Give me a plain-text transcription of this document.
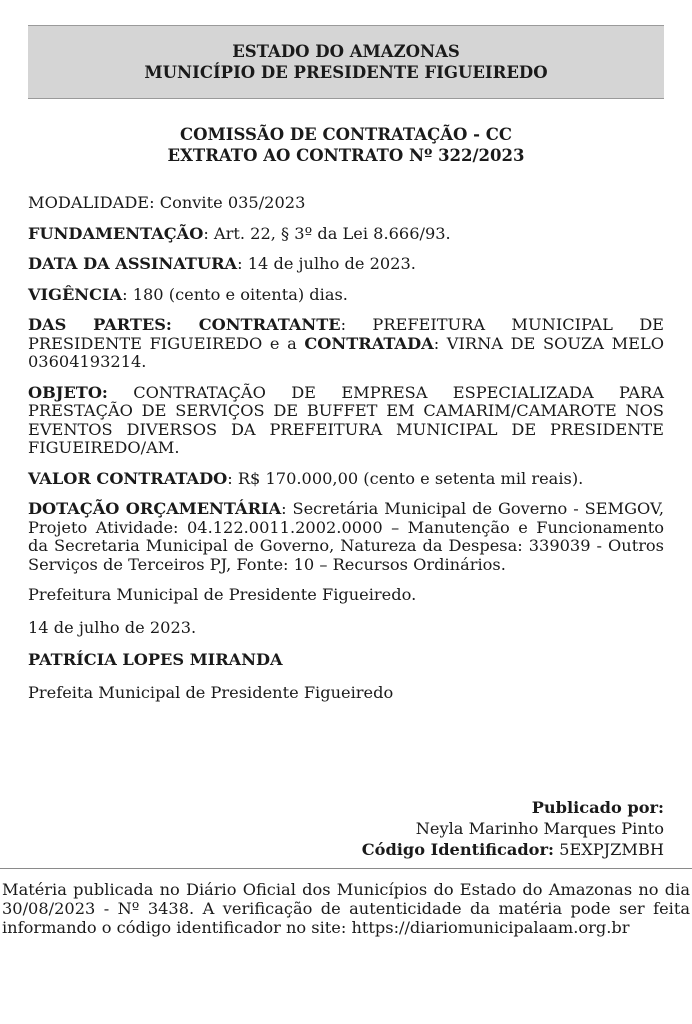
ESTADO DO AMAZONAS
MUNICÍPIO DE PRESIDENTE FIGUEIREDO
COMISSÃO DE CONTRATAÇÃO - CC
EXTRATO AO CONTRATO Nº 322/2023

MODALIDADE: Convite 035/2023

FUNDAMENTAÇÃO: Art. 22, § 3º da Lei 8.666/93.

DATA DA ASSINATURA: 14 de julho de 2023.

VIGÊNCIA: 180 (cento e oitenta) dias.

DAS PARTES: CONTRATANTE: PREFEITURA MUNICIPAL DE PRESIDENTE FIGUEIREDO e a CONTRATADA: VIRNA DE SOUZA MELO 03604193214.

OBJETO: CONTRATAÇÃO DE EMPRESA ESPECIALIZADA PARA PRESTAÇÃO DE SERVIÇOS DE BUFFET EM CAMARIM/CAMAROTE NOS EVENTOS DIVERSOS DA PREFEITURA MUNICIPAL DE PRESIDENTE FIGUEIREDO/AM.

VALOR CONTRATADO: R$ 170.000,00 (cento e setenta mil reais).

DOTAÇÃO ORÇAMENTÁRIA: Secretária Municipal de Governo - SEMGOV, Projeto Atividade: 04.122.0011.2002.0000 – Manutenção e Funcionamento da Secretaria Municipal de Governo, Natureza da Despesa: 339039 - Outros Serviços de Terceiros PJ, Fonte: 10 – Recursos Ordinários.

Prefeitura Municipal de Presidente Figueiredo.

14 de julho de 2023.

PATRÍCIA LOPES MIRANDA

Prefeita Municipal de Presidente Figueiredo

Publicado por:
Neyla Marinho Marques Pinto
Código Identificador: 5EXPJZMBH
Matéria publicada no Diário Oficial dos Municípios do Estado do Amazonas no dia 30/08/2023 - Nº 3438. A verificação de autenticidade da matéria pode ser feita informando o código identificador no site: https://diariomunicipalaam.org.br
